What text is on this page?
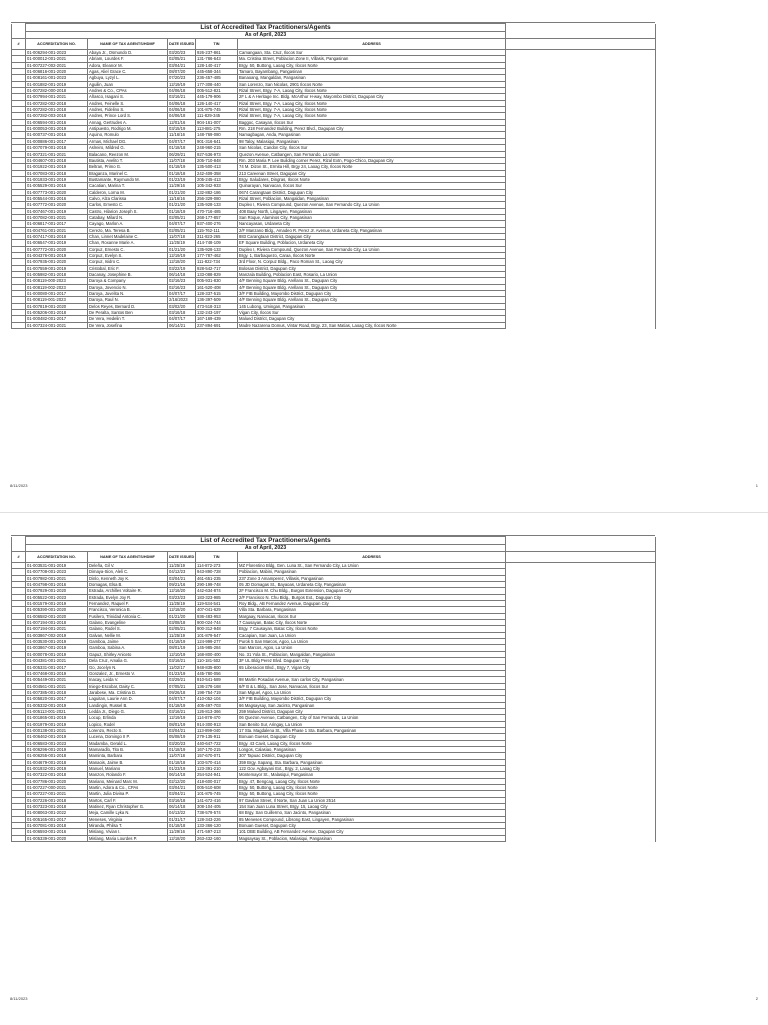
	List of Accredited Tax Practitioners/Agents					
	As of April, 2023					
#	ACCREDITATION NO.	NAME OF TAX AGENTS/HDMF	DATE ISSUED	TIN	ADDRESS	
	01-006294-001-2023	Abaya Jr., Osmundo D.	03/20/23	926-237-861	Camangaan, Sta. Cruz, Ilocos Sur	
	01-000012-001-2021	Abriam, Lourdes F.	02/05/21	131-786-643	Ma. Cristina Street, Poblacion Zone II, Villasis, Pangasinan	
	01-007227-002-2021	Adora, Eleanor M.	03/04/21	128-140-417	Brgy. 50, Buttong, Laoag City, Ilocos Norte	
	01-006816-001-2020	Agas, Aliel Grace C.	08/07/20	445-658-344	Tamaro, Bayambang, Pangasinan	
	01-008161-001-2023	Agbuya, Lyzyl L.	07/20/23	236-457-485	Banaoang, Mangaldan, Pangasinan	
	01-001882-001-2019	Aguilin, Juan	12/19/19	177-308-440	San Lorenzo, San Nicolas, 2901 Ilocos Norte	
	01-007282-000-2018	Andres & Co., CPAs	04/06/18	005-512-821	Rizal Street, Brgy. 7-A, Laoag City, Ilocos Norte	
	01-007994-001-2021	Añasco, Isagani S.	03/16/21	445-179-906	2F L & A Heritage Inc. Bldg. McArthur H-way, Mayombo District, Dagupan City	
	01-007282-002-2018	Andres, Feinelle S.	04/06/18	126-140-417	Rizal Street, Brgy. 7-A, Laoag City, Ilocos Norte	
	01-007282-001-2018	Andres, Fidelino S.	04/06/18	101-875-745	Rizal Street, Brgy. 7-A, Laoag City, Ilocos Norte	
	01-007282-003-2018	Andres, Prince Lord S.	04/06/18	111-829-345	Rizal Street, Brgy. 7-A, Laoag City, Ilocos Norte	
	01-006594-001-2016	Annag, Gertrudes A.	12/01/16	904-161-007	Baggoc, Casayan, Ilocos Sur	
	01-000053-001-2019	Antipuesto, Rodrigo M.	03/15/19	113-881-275	Rm. 218 Fernandez Building, Perez Blvd., Dagupan City	
	01-000737-001-2016	Aquino, Romulo	11/16/16	148-769-080	Namagbagan, Anda, Pangasinan	
	01-000886-001-2017	Armas, Michael DG.	04/07/17	901-316-641	98 Taloy, Malasiqui, Pangasinan	
	01-007079-001-2018	Aslreiro, Mildred G.	01/18/18	248-960-215	San Nicolas, Candon City, Ilocos Sur	
	01-007321-001-2021	Balacano, Reezon M.	06/29/21	927-536-973	Quezon Avenue, Catbangen, San Fernando, La Union	
	01-004607-001-2018	Bautista, Avelito T.	11/07/18	205-710-848	Rm. 203 Maria P. Lee Building corner Perez, Rizal Extn, Pogo-Chico, Dagupan City	
	01-001922-001-2019	Beltran, Primo G.	01/18/19	135-500-413	74 M. Dizon St., Ermita Hill, Brgy 24, Laoag City, Ilocos Norte	
	01-007083-001-2018	Braganza, Marinel C.	01/18/18	242-409-358	213 Careenan Street, Dagupan City	
	01-001933-001-2019	Bustamante, Raymundo M.	01/23/19	205-245-413	Brgy. Saludares, Dingras, Ilocos Norte	
	01-005529-001-2016	Cacatian, Marina T.	11/29/16	105-342-933	Quinarayan, Narvacan, Ilocos Sur	
	01-007773-001-2020	Calderon, Lorna M.	01/21/20	132-882-186	0674 Carangtaan District, Dagupan City	
	01-005544-001-2016	Calvo, Alza Clarissa	11/16/16	256-329-080	Rizal Street, Poblacion, Mangaldan, Pangasinan	
	01-007772-001-2020	Carlos, Ernesto C.	01/21/20	135-928-133	Duplex I, Riviera Compound, Quezon Avenue, San Fernando City, La Union	
	01-007467-001-2019	Castro, Hilarion Joseph S.	01/18/19	470-716-485	408 Baay North, Lingayen, Pangasinan	
	01-007082-001-2021	Catabay, Milard N.	02/05/21	268-177-857	San Roque, Alaminos City, Pangasinan	
	01-006817-001-2017	Cayago, Marlon A.	04/07/17	937-400-276	Nancayasan, Urdaneta City	
	01-004761-001-2021	Cerezo, Ma. Teresa B.	02/05/21	115-762-111	2/F Manzano Bldg., Amadeo R. Perez Jr. Avenue, Urdaneta City, Pangasinan	
	01-007417-001-2018	Chan, Linnet Madelaine C.	11/07/18	311-823-265	883 Carangtaan District, Dagupan City	
	01-006547-001-2019	Chan, Roxanne Marie A.	11/25/19	414-748-109	EF Square Building, Poblacion, Urdaneta City	
	01-007772-001-2020	Corpuz, Ernesto C.	01/21/20	135-928-133	Duplex I, Riviera Compound, Quezon Avenue, San Fernando City, La Union	
	01-004376-001-2019	Corpuz, Evelyn S.	12/19/19	177-787-462	Brgy. 1, Barbaquezo, Caraa, Ilocos Norte	
	01-007935-001-2020	Corpuz, Isidro C.	12/18/20	111-822-734	3rd Floor, N. Corpuz Bldg., Paco Roman St., Laoag City	
	01-007559-001-2019	Cristobal, Eric F.	03/22/19	928-542-717	Bolosan District, Dagupan City	
	01-005982-001-2018	Dacanay, Josephine B.	06/14/18	133-088-829	Manzala Building, Poblacion East, Rosario, La Union	
	01-008119-000-2023	Daroya & Company	02/16/23	005-931-830	4/F Benning Square Bldg. Arellano St., Dagupan City	
	01-008119-002-2023	Daroya, Jovencio N.	02/16/23	161-520-408	4/F Benning Square Bldg. Arellano St., Dagupan City	
	01-000080-001-2017	Daroya, Juvelita N.	04/07/17	128-337-515	3/F FIB Building, Mayombo District, Dagupan City	
	01-008119-001-2023	Daroya, Raul N.	2/16/2023	136-397-509	4/F Benning Square Bldg. Arellano St., Dagupan City	
	01-007819-001-2020	Delos Reyes, Bernard D.	03/02/20	473-518-313	145 Lubong, Umingan, Pangasinan	
	01-005206-001-2018	De Peralta, Santos Ben	03/16/18	132-243-197	Vigan City, Ilocos Sur	
	01-000482-001-2017	De Vera, Hedelin T.	04/07/17	167-169-439	Malued District, Dagupan City	
	01-007324-001-2021	De Vera, Josefina	06/14/21	237-894-691	Madre Nazarena Domus, Vintar Road, Brgy. 23, San Matias, Laoag City, Ilocos Norte	
8/11/2023	1
	List of Accredited Tax Practitioners/Agents					
	As of April, 2023					
#	ACCREDITATION NO.	NAME OF TAX AGENTS/HDMF	DATE ISSUED	TIN	ADDRESS	
	01-003531-001-2019	Deleña, Gil V.	11/25/19	114-872-273	MZ Florentino Bldg, Gen. Luna St., San Fernando City, La Union	
	01-007708-001-2023	Dimaya-Sion, Aleli C.	04/12/23	943-890-728	Poblacion, Mabini, Pangasinan	
	01-007982-001-2021	Dinlo, Kenneth Joy K.	03/04/21	461-651-235	237 Zone 3 Amamperez, Villasis, Pangasinan	
	01-004798-001-2016	Domagas, Elsa B.	09/21/16	290-199-748	05 JD Domagas St., Bayaoas, Urdaneta City, Pangasinan	
	01-007929-001-2020	Estrada, Archilles Voltaire R.	12/16/20	442-634-874	2F Francisco M. Chu Bldg., Burgos Extension, Dagupan City	
	01-005522-001-2023	Estrada, Evelyn Joy R.	03/23/23	183-323-985	2/F Francisco N. Chu Bldg., Burgos Ext., Dagupan City	
	01-001579-001-2019	Fernandez, Raquel F.	11/25/19	119-534-541	Roy Bldg., AB Fernandez Avenue, Dagupan City	
	01-005390-001-2020	Francisco, Veronica B.	12/18/20	407-041-629	Villa Sta. Barbara, Pangasinan	
	01-006582-001-2020	Fusilero, Trinidad Antonia C.	01/21/20	936-483-953	Margaay, Narvacan, Ilocos Sur	
	01-007194-001-2018	Galano, Evangeline	03/08/18	900-024-744	7 Causayan, Batac City, Ilocos Norte	
	01-007194-001-2021	Galano, Rodel S.	02/05/21	900-312-948	Brgy. 7 Causayan, Batac City, Ilocos Norte	
	01-003867-002-2019	Galvan, Nellie M.	11/25/19	101-879-547	Cacapian, San Juan, La Union	
	01-003530-001-2019	Gamboa, Jaime	01/18/19	124-999-277	Purok 5 San Marcos, Agoo, La Union	
	01-003867-001-2019	Gamboa, Sabina A.	08/01/19	145-985-284	San Marcos, Agoo, La Union	
	01-000078-001-2019	Gapuz, Shirley Aniceto	12/10/19	168-800-400	No. 31 Yola St., Poblacion, Mangaldan, Pangasinan	
	01-004381-001-2021	Dela Cruz, Amalia G.	03/16/21	110-181-502	3F UL Bldg Perez Blvd. Dagupan City	
	01-005331-001-2017	Go, Jocelyn N.	11/02/17	948-835-800	65 Liberacion Blvd., Brgy 7, Vigan City	
	01-007468-001-2019	Gonzalez, Jr., Ernesto V.	01/23/19	445-780-056		
	01-005449-001-2021	Inacay, Leida V.	03/29/21	910-541-589	98 Martin Posadas Avenue, San carlos City, Pangasinan	
	01-004561-001-2021	Iniego-Escobar, Daisy C.	07/05/21	136-278-168	6/F B & L Bldg., San Jose, Narvacan, Ilocos Sur	
	01-007385-001-2018	Jarabese, Ma. Cristina D.	09/26/18	198-754-719	San Miguel, Agoo, La Union	
	01-005820-001-2017	Laguitan, Laurie Ann D.	04/07/17	410-052-104	3/F FIB Building, Mayombo District, Dagupan City	
	01-005332-001-2019	Landingin, Russel B.	01/18/19	405-497-703	66 Magsaysay, San Jacinto, Pangasinan	
	01-005113-001-2021	Ledda Jr., Diego G.	03/16/21	126-813-366	259 Malued District, Dagupan City	
	01-001865-001-2019	Locup, Erlinda	12/19/19	114-878-470	06 Quezon Avenue, Catbangen, City of San Fernando, La Union	
	01-001979-001-2019	Lopico, Rodel	08/01/19	914-300-913	San Benito Sur, Aringay, La Union	
	01-000138-001-2021	Lorenzo, Recto S.	03/04/21	113-899-040	17 Sta. Magdalena St., Villa Phase 1 Sta. Barbara, Pangasinan	
	01-006462-001-2019	Lucena, Domingo II P.	05/08/19	279-135-911	Bonuan Gueset, Dagupan City	
	01-006583-001-2023	Madamba, Gerald L.	03/20/23	440-647-722	Brgy. 43 Cavit, Laoag City, Ilocos Norte	
	01-006296-001-2019	Mamaradlo, Tito B.	01/18/19	167-170-215	Longos, Calasiao, Pangasinan	
	01-006255-001-2018	Maminta, Barbara	11/07/18	157-670-071	307 Tapuac District, Dagupan City	
	01-004679-001-2018	Manaois, Jaime B.	01/18/18	103-570-414	359 Brgy. Sapang, Sta. Barbara, Pangasinan	
	01-001932-001-2019	Manuel, Mariano	01/23/19	123-391-210	122 Gov. Agbayani Ext., Brgy. 2, Laoag City	
	01-007322-001-2018	Manzon, Rolando F.	06/14/18	254-524-941	Montemayor St., Malasiqui, Pangasinan	
	01-007786-001-2020	Mariano, Meinard Marc M.	02/12/20	418-600-017	Brgy. 47, Bengcag, Laoag City, Ilocos Norte	
	01-007227-000-2021	Martin, Adora & Co., CPAs	03/04/21	005-510-608	Brgy. 50, Buttong, Laoag City, Ilocos Norte	
	01-007227-001-2021	Martin, Julia Divina P.	03/04/21	101-875-745	Brgy. 50, Buttong, Laoag City, Ilocos Norte	
	01-007226-001-2018	Martos, Carl F.	03/16/18	141-672-416	97 Gavilan Street, Il Norte, San Juan La Union 2514	
	01-007323-001-2018	Matinez, Ryan Christopher G.	06/14/18	308-104-405	154 San Juan Luna Street, Brgy. 15, Laoag City	
	01-008063-001-2022	Meja, Camille Lyka N.	04/13/22	738-579-574	68 Brgy. San Guillermo, San Jacinto, Pangasinan	
	01-005165-001-2017	Meneses, Virginia	01/31/17	128-343-226	85 Meneses Compound, Libsong East, Lingayen, Pangasinan	
	01-007081-001-2018	Miranda, Philsa T.	01/18/18	133-366-120	Bonuan Gueset, Dagupan City	
	01-006593-001-2016	Mislang, Vivian I.	11/29/16	471-597-213	101 DBE Building, AB Fernandez Avenue, Dagupan City	
	01-005339-001-2020	Mislang, Maria Lourdes P.	12/18/20	263-432-160	Magsaysay St., Poblacion, Malasiqui, Pangasinan	
8/11/2023	2
